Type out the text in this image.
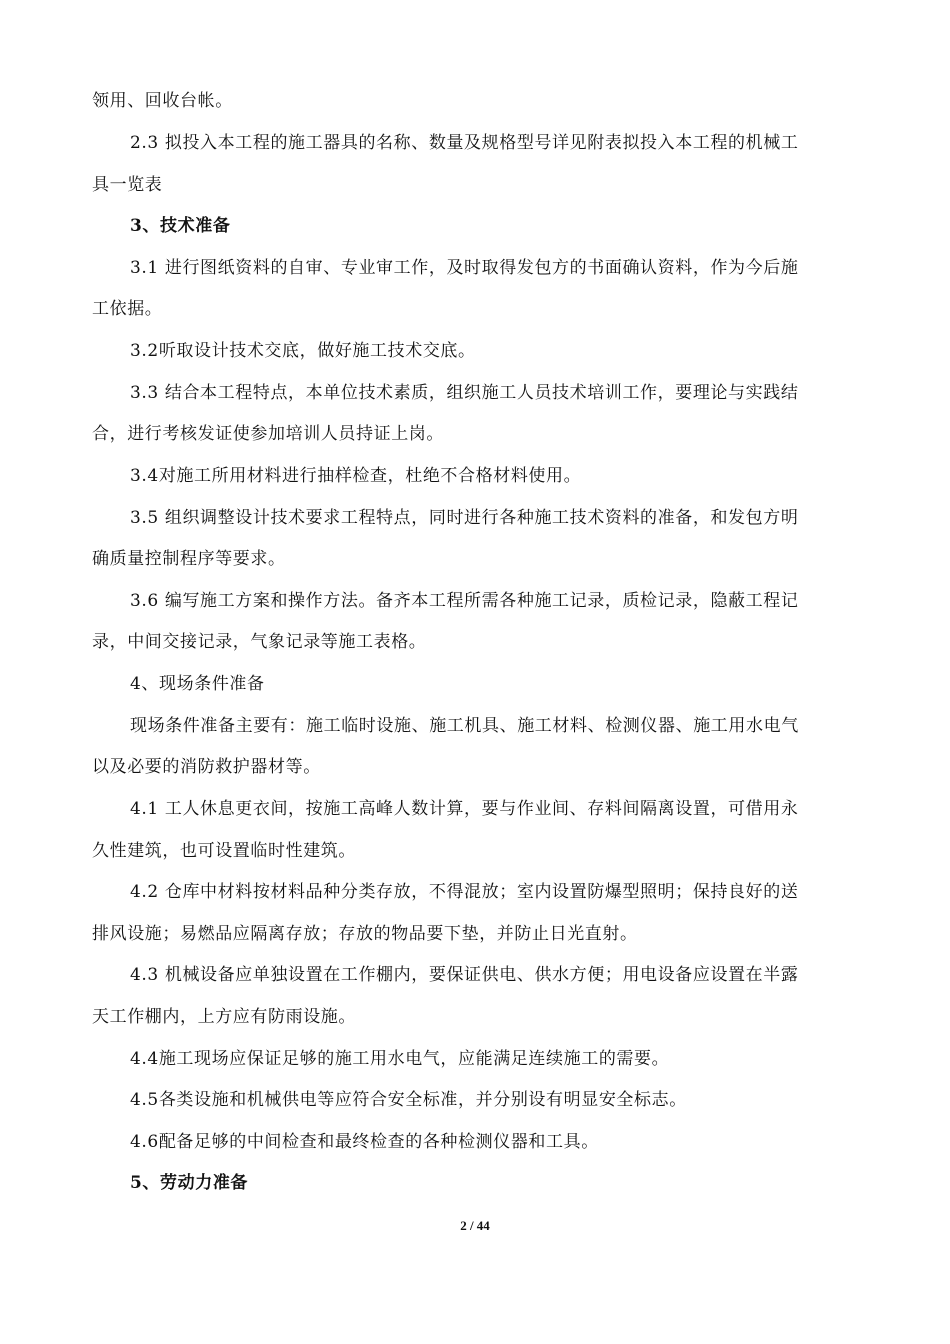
领用、回收台帐。
2.3 拟投入本工程的施工器具的名称、数量及规格型号详见附表拟投入本工程的机械工
具一览表
3、技术准备
3.1 进行图纸资料的自审、专业审工作，及时取得发包方的书面确认资料，作为今后施
工依据。
3.2听取设计技术交底，做好施工技术交底。
3.3 结合本工程特点，本单位技术素质，组织施工人员技术培训工作，要理论与实践结
合，进行考核发证使参加培训人员持证上岗。
3.4对施工所用材料进行抽样检查，杜绝不合格材料使用。
3.5 组织调整设计技术要求工程特点，同时进行各种施工技术资料的准备，和发包方明
确质量控制程序等要求。
3.6 编写施工方案和操作方法。备齐本工程所需各种施工记录，质检记录，隐蔽工程记
录，中间交接记录，气象记录等施工表格。
4、现场条件准备
现场条件准备主要有：施工临时设施、施工机具、施工材料、检测仪器、施工用水电气
以及必要的消防救护器材等。
4.1 工人休息更衣间，按施工高峰人数计算，要与作业间、存料间隔离设置，可借用永
久性建筑，也可设置临时性建筑。
4.2 仓库中材料按材料品种分类存放，不得混放；室内设置防爆型照明；保持良好的送
排风设施；易燃品应隔离存放；存放的物品要下垫，并防止日光直射。
4.3 机械设备应单独设置在工作棚内，要保证供电、供水方便；用电设备应设置在半露
天工作棚内，上方应有防雨设施。
4.4施工现场应保证足够的施工用水电气，应能满足连续施工的需要。
4.5各类设施和机械供电等应符合安全标准，并分别设有明显安全标志。
4.6配备足够的中间检查和最终检查的各种检测仪器和工具。
5、劳动力准备
2 / 44
